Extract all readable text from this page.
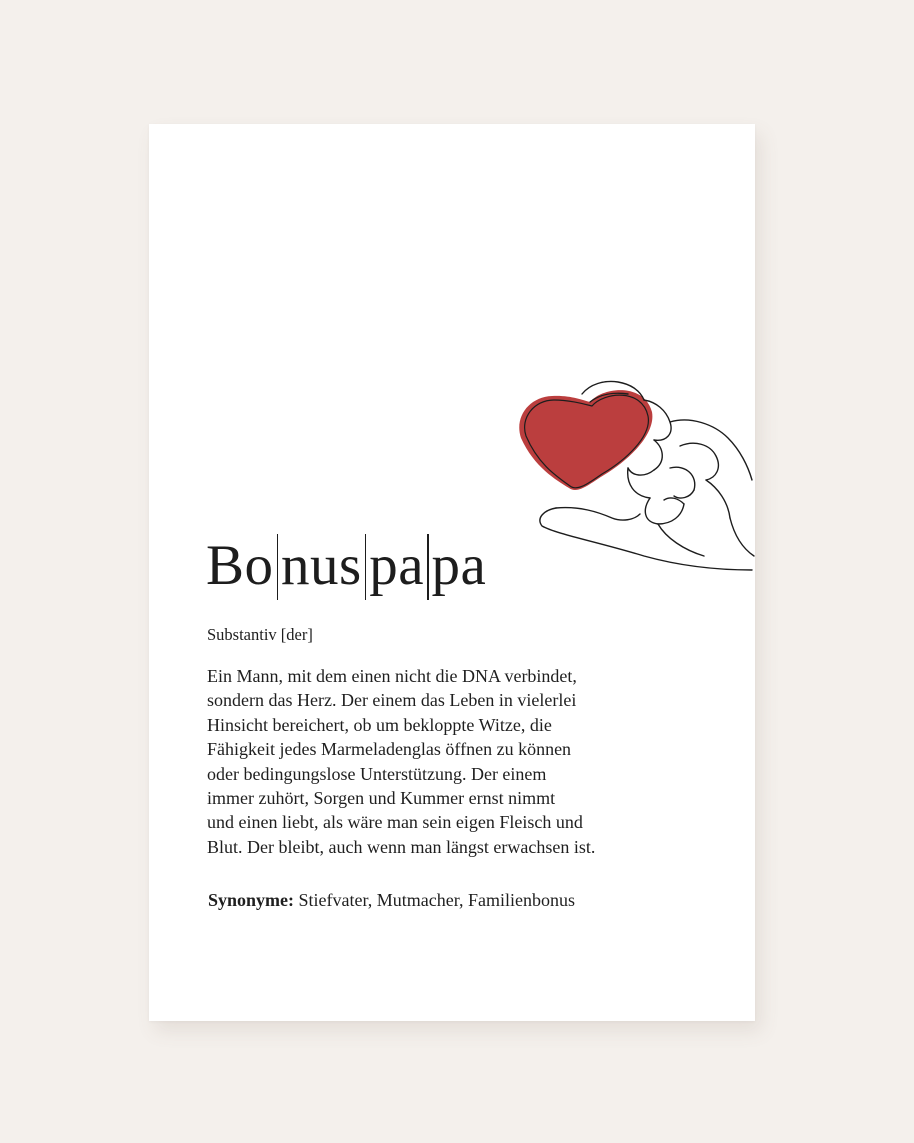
Bo nus pa pa
Substantiv [der]
Ein Mann, mit dem einen nicht die DNA verbindet,
sondern das Herz. Der einem das Leben in vielerlei
Hinsicht bereichert, ob um bekloppte Witze, die
Fähigkeit jedes Marmeladenglas öffnen zu können
oder bedingungslose Unterstützung. Der einem
immer zuhört, Sorgen und Kummer ernst nimmt
und einen liebt, als wäre man sein eigen Fleisch und
Blut. Der bleibt, auch wenn man längst erwachsen ist.
Synonyme: Stiefvater, Mutmacher, Familienbonus
